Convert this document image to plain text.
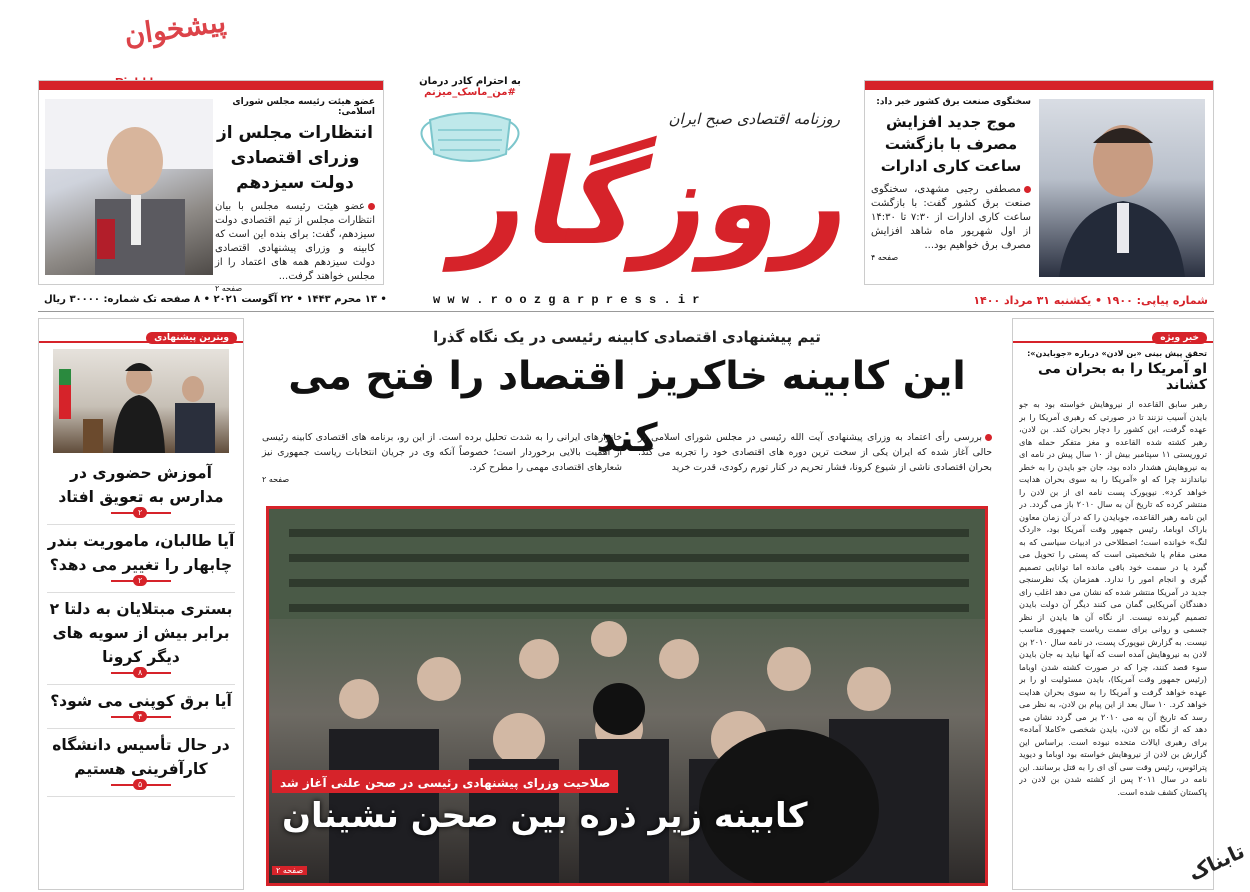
پیشخوان
عضو هیئت رئیسه مجلس شورای اسلامی:
انتظارات مجلس از وزرای اقتصادی دولت سیزدهم
عضو هیئت رئیسه مجلس با بیان انتظارات مجلس از تیم اقتصادی دولت سیزدهم، گفت: برای بنده این است که کابینه و وزرای پیشنهادی اقتصادی دولت سیزدهم همه های اعتماد را از مجلس خواهند گرفت...
صفحه ۲
به احترام کادر درمان
#من_ماسک_میزنم
روزنامه اقتصادی صبح ایران
روزگار
سخنگوی صنعت برق کشور خبر داد:
موج جدید افزایش مصرف با بازگشت ساعت کاری ادارات
مصطفی رجبی مشهدی، سخنگوی صنعت برق کشور گفت: با بازگشت ساعت کاری ادارات از ۷:۳۰ تا ۱۴:۳۰ از اول شهریور ماه شاهد افزایش مصرف برق خواهیم بود...
صفحه ۴
شماره پیاپی: ۱۹۰۰ • یکشنبه ۳۱ مرداد ۱۴۰۰
w w w . r o o z g a r p r e s s . i r
• ۱۳ محرم ۱۴۴۳ • ۲۲ آگوست ۲۰۲۱ • ۸ صفحه تک شماره: ۳۰۰۰۰ ریال
خبر ویژه
تحقق پیش بینی «بن لادن» درباره «جوبایدن»:
او آمریکا را به بحران می کشاند
رهبر سابق القاعده از نیروهایش خواسته بود به جو بایدن آسیب نزنند تا در صورتی که رهبری آمریکا را بر عهده گرفت، این کشور را دچار بحران کند. بن لادن، رهبر کشته شده القاعده و مغز متفکر حمله های تروریستی ۱۱ سپتامبر بیش از ۱۰ سال پیش در نامه ای به نیروهایش هشدار داده بود، جان جو بایدن را به خطر نیاندازند چرا که او «آمریکا را به سوی بحران هدایت خواهد کرد». نیویورک پست نامه ای از بن لادن را منتشر کرده که تاریخ آن به سال ۲۰۱۰ باز می گردد. در این نامه رهبر القاعده، جوبایدن را که در آن زمان معاون باراک اوباما، رئیس جمهور وقت آمریکا بود، «اردک لنگ» خوانده است؛ اصطلاحی در ادبیات سیاسی که به معنی مقام یا شخصیتی است که پستی را تحویل می گیرد یا در سمت خود باقی مانده اما توانایی تصمیم گیری و انجام امور را ندارد. همزمان یک نظرسنجی جدید در آمریکا منتشر شده که نشان می دهد اغلب رای دهندگان آمریکایی گمان می کنند دیگر آن دولت بایدن تصمیم گیرنده نیست. از نگاه آن ها بایدن از نظر جسمی و روانی برای سمت ریاست جمهوری مناسب نیست. به گزارش نیویورک پست، در نامه سال ۲۰۱۰ بن لادن به نیروهایش آمده است که آنها نباید به جان بایدن سوء قصد کنند، چرا که در صورت کشته شدن اوباما (رئیس جمهور وقت آمریکا)، بایدن مسئولیت او را بر عهده خواهد گرفت و آمریکا را به سوی بحران هدایت خواهد کرد. ۱۰ سال بعد از این پیام بن لادن، به نظر می رسد که تاریخ آن به می ۲۰۱۰ بر می گردد نشان می دهد که از نگاه بن لادن، بایدن شخصی «کاملا آماده» برای رهبری ایالات متحده نبوده است. براساس این گزارش بن لادن از نیروهایش خواسته بود اوباما و دیوید پترائوس، رئیس وقت سی آی ای را به قتل برسانند. این نامه در سال ۲۰۱۱ پس از کشته شدن بن لادن در پاکستان کشف شده است.
تیم پیشنهادی اقتصادی کابینه رئیسی در یک نگاه گذرا
این کابینه خاکریز اقتصاد را فتح می کند
بررسی رأی اعتماد به وزرای پیشنهادی آیت الله رئیسی در مجلس شورای اسلامی در حالی آغاز شده که ایران یکی از سخت ترین دوره های اقتصادی خود را تجربه می کند. بحران اقتصادی ناشی از شیوع کرونا، فشار تحریم در کنار تورم رکودی، قدرت خرید
خانوارهای ایرانی را به شدت تحلیل برده است. از این رو، برنامه های اقتصادی کابینه رئیسی از اهمیت بالایی برخوردار است؛ خصوصاً آنکه وی در جریان انتخابات ریاست جمهوری نیز شعارهای اقتصادی مهمی را مطرح کرد.
صفحه ۲
صلاحیت وزرای پیشنهادی رئیسی در صحن علنی آغاز شد
کابینه زیر ذره بین صحن نشینان
صفحه ۲
ویترین پیشنهادی
آموزش حضوری در مدارس به تعویق افتاد
۲
آیا طالبان، ماموریت بندر چابهار را تغییر می دهد؟
۲
بستری مبتلایان به دلتا ۲ برابر بیش از سویه های دیگر کرونا
۸
آیا برق کوپنی می شود؟
۴
در حال تأسیس دانشگاه کارآفرینی هستیم
۵
تابناک
